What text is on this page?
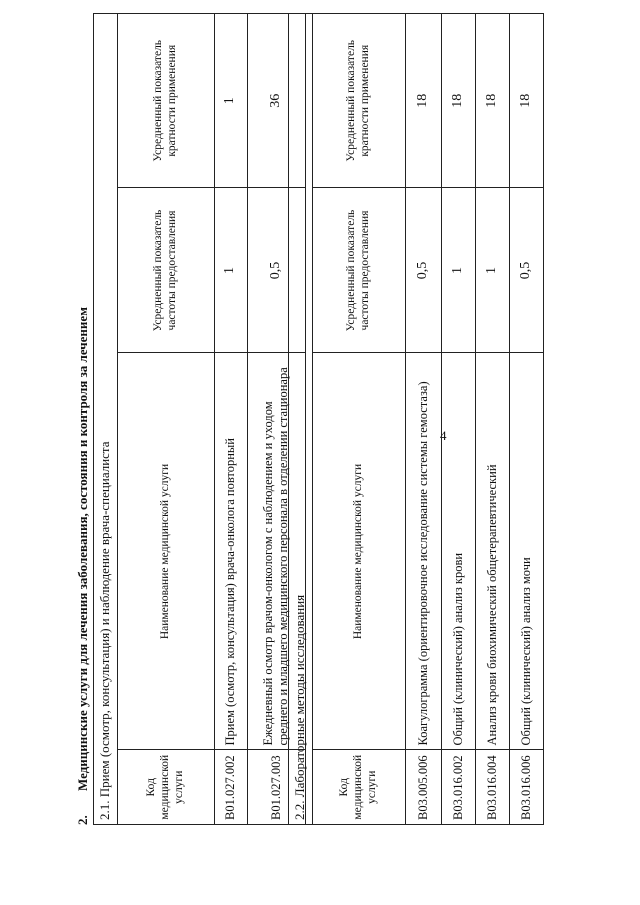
4
2.Медицинские услуги для лечения заболевания, состояния и контроля за лечением 2.1. Прием (осмотр, консультация) и наблюдение врача-специалиста	Код медицинской услуги	Наименование медицинской услуги	Усредненный показатель частоты предоставления	Усредненный показатель кратности применения
B01.027.002	Прием (осмотр, консультация) врача-онколога повторный	1	1
B01.027.003	Ежедневный осмотр врачом-онкологом с наблюдением и уходом среднего и младшего медицинского персонала в отделении стационара	0,5	36
2.2. Лабораторные методы исследования	Код медицинской услуги	Наименование медицинской услуги	Усредненный показатель частоты предоставления	Усредненный показатель кратности применения
B03.005.006	Коагулограмма (ориентировочное исследование системы гемостаза)	0,5	18
B03.016.002	Общий (клинический) анализ крови	1	18
B03.016.004	Анализ крови биохимический общетерапевтический	1	18
B03.016.006	Общий (клинический) анализ мочи	0,5	18
